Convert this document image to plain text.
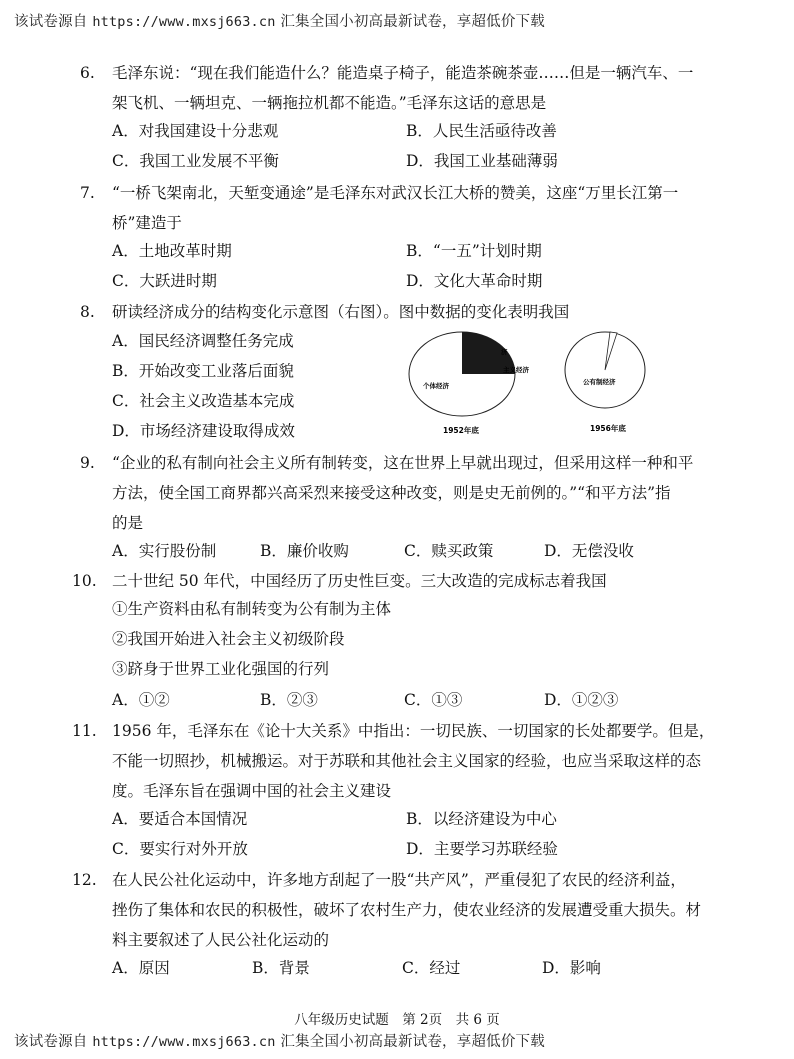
该试卷源自 https://www.mxsj663.cn 汇集全国小初高最新试卷，享超低价下载
6. 毛泽东说：“现在我们能造什么？能造桌子椅子，能造茶碗茶壶……但是一辆汽车、一
架飞机、一辆坦克、一辆拖拉机都不能造。”毛泽东这话的意思是
A．对我国建设十分悲观	B．人民生活亟待改善
C．我国工业发展不平衡	D．我国工业基础薄弱
7. “一桥飞架南北，天堑变通途”是毛泽东对武汉长江大桥的赞美，这座“万里长江第一
桥”建造于
A．土地改革时期	B．“一五”计划时期
C．大跃进时期	D．文化大革命时期
8. 研读经济成分的结构变化示意图（右图）。图中数据的变化表明我国
A．国民经济调整任务完成
B．开始改变工业落后面貌
C．社会主义改造基本完成
D．市场经济建设取得成效
个体经济
济
主义经济
1952年底
公有制经济
1956年底
9. “企业的私有制向社会主义所有制转变，这在世界上早就出现过，但采用这样一种和平
方法，使全国工商界都兴高采烈来接受这种改变，则是史无前例的。”“和平方法”指
的是
A．实行股份制	B．廉价收购	C．赎买政策	D．无偿没收
10. 二十世纪 50 年代，中国经历了历史性巨变。三大改造的完成标志着我国
①生产资料由私有制转变为公有制为主体
②我国开始进入社会主义初级阶段
③跻身于世界工业化强国的行列
A．①②	B．②③	C．①③	D．①②③
11. 1956 年，毛泽东在《论十大关系》中指出：一切民族、一切国家的长处都要学。但是，
不能一切照抄，机械搬运。对于苏联和其他社会主义国家的经验，也应当采取这样的态
度。毛泽东旨在强调中国的社会主义建设
A．要适合本国情况	B．以经济建设为中心
C．要实行对外开放	D．主要学习苏联经验
12. 在人民公社化运动中，许多地方刮起了一股“共产风”，严重侵犯了农民的经济利益，
挫伤了集体和农民的积极性，破坏了农村生产力，使农业经济的发展遭受重大损失。材
料主要叙述了人民公社化运动的
A．原因	B．背景	C．经过	D．影响
八年级历史试题　第 2页　共 6 页
该试卷源自 https://www.mxsj663.cn 汇集全国小初高最新试卷，享超低价下载
